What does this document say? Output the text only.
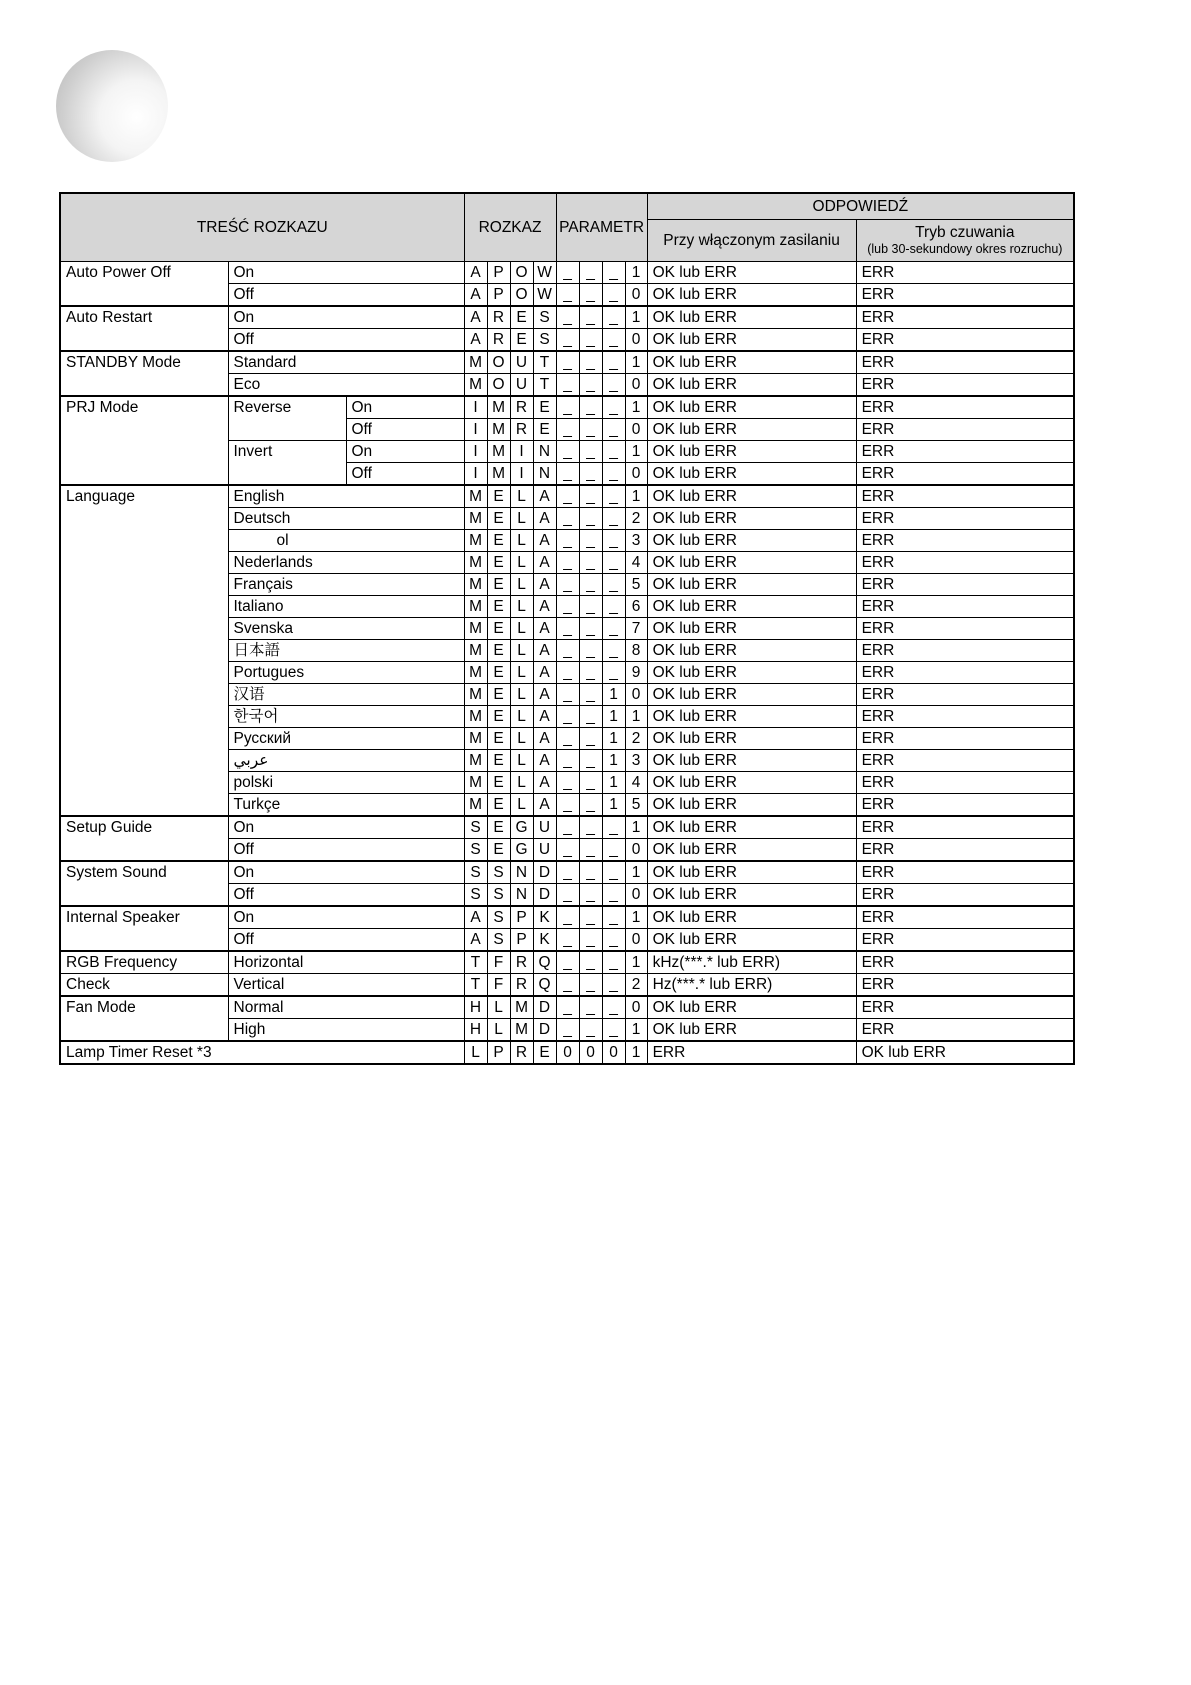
TREŚĆ ROZKAZU			ROZKAZ				PARAMETR				ODPOWIEDŹ	
											Przy włączonym zasilaniu	Tryb czuwania
(lub 30-sekundowy okres rozruchu)

Auto Power Off	On		A	P	O	W	_	_	_	1	OK lub ERR	ERR
	Off		A	P	O	W	_	_	_	0	OK lub ERR	ERR
Auto Restart	On		A	R	E	S	_	_	_	1	OK lub ERR	ERR
	Off		A	R	E	S	_	_	_	0	OK lub ERR	ERR
STANDBY Mode	Standard		M	O	U	T	_	_	_	1	OK lub ERR	ERR
	Eco		M	O	U	T	_	_	_	0	OK lub ERR	ERR
PRJ Mode	Reverse	On	I	M	R	E	_	_	_	1	OK lub ERR	ERR
		Off	I	M	R	E	_	_	_	0	OK lub ERR	ERR
	Invert	On	I	M	I	N	_	_	_	1	OK lub ERR	ERR
		Off	I	M	I	N	_	_	_	0	OK lub ERR	ERR
Language	English		M	E	L	A	_	_	_	1	OK lub ERR	ERR
	Deutsch		M	E	L	A	_	_	_	2	OK lub ERR	ERR
	ol		M	E	L	A	_	_	_	3	OK lub ERR	ERR
	Nederlands		M	E	L	A	_	_	_	4	OK lub ERR	ERR
	Français		M	E	L	A	_	_	_	5	OK lub ERR	ERR
	Italiano		M	E	L	A	_	_	_	6	OK lub ERR	ERR
	Svenska		M	E	L	A	_	_	_	7	OK lub ERR	ERR
	日本語		M	E	L	A	_	_	_	8	OK lub ERR	ERR
	Portugues		M	E	L	A	_	_	_	9	OK lub ERR	ERR
	汉语		M	E	L	A	_	_	1	0	OK lub ERR	ERR
	한국어		M	E	L	A	_	_	1	1	OK lub ERR	ERR
	Русский		M	E	L	A	_	_	1	2	OK lub ERR	ERR
	عربي		M	E	L	A	_	_	1	3	OK lub ERR	ERR
	polski		M	E	L	A	_	_	1	4	OK lub ERR	ERR
	Turkçe		M	E	L	A	_	_	1	5	OK lub ERR	ERR
Setup Guide	On		S	E	G	U	_	_	_	1	OK lub ERR	ERR
	Off		S	E	G	U	_	_	_	0	OK lub ERR	ERR
System Sound	On		S	S	N	D	_	_	_	1	OK lub ERR	ERR
	Off		S	S	N	D	_	_	_	0	OK lub ERR	ERR
Internal Speaker	On		A	S	P	K	_	_	_	1	OK lub ERR	ERR
	Off		A	S	P	K	_	_	_	0	OK lub ERR	ERR
RGB Frequency	Horizontal		T	F	R	Q	_	_	_	1	kHz(***.* lub ERR)	ERR
Check	Vertical		T	F	R	Q	_	_	_	2	Hz(***.* lub ERR)	ERR
Fan Mode	Normal		H	L	M	D	_	_	_	0	OK lub ERR	ERR
	High		H	L	M	D	_	_	_	1	OK lub ERR	ERR
Lamp Timer Reset *3			L	P	R	E	0	0	0	1	ERR	OK lub ERR
